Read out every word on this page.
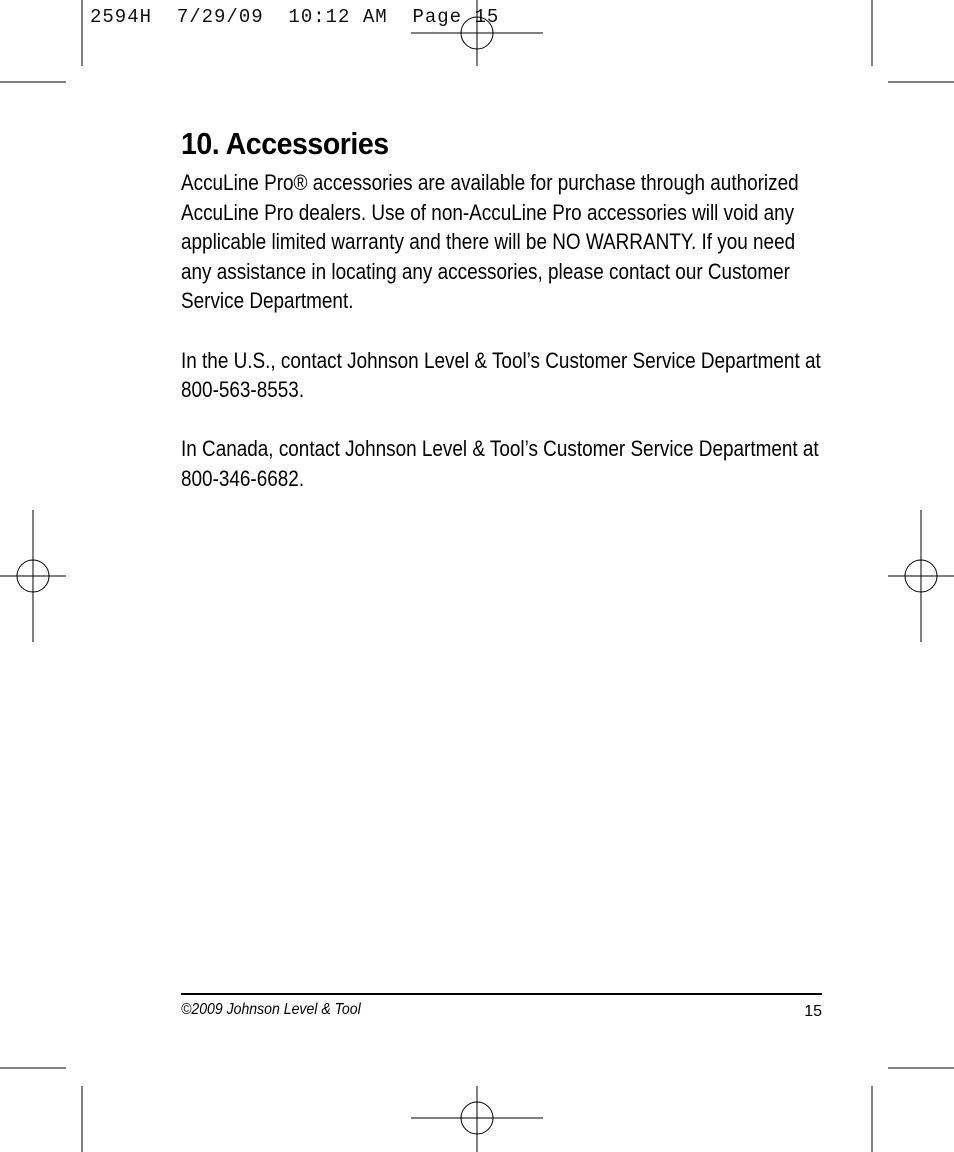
2594H  7/29/09  10:12 AM  Page 15
10. Accessories

AccuLine Pro® accessories are available for purchase through authorized AccuLine Pro dealers. Use of non-AccuLine Pro accessories will void any applicable limited warranty and there will be NO WARRANTY. If you need any assistance in locating any accessories, please contact our Customer Service Department.

In the U.S., contact Johnson Level & Tool’s Customer Service Department at 800-563-8553.

In Canada, contact Johnson Level & Tool’s Customer Service Department at 800-346-6682.

©2009 Johnson Level & Tool	15
